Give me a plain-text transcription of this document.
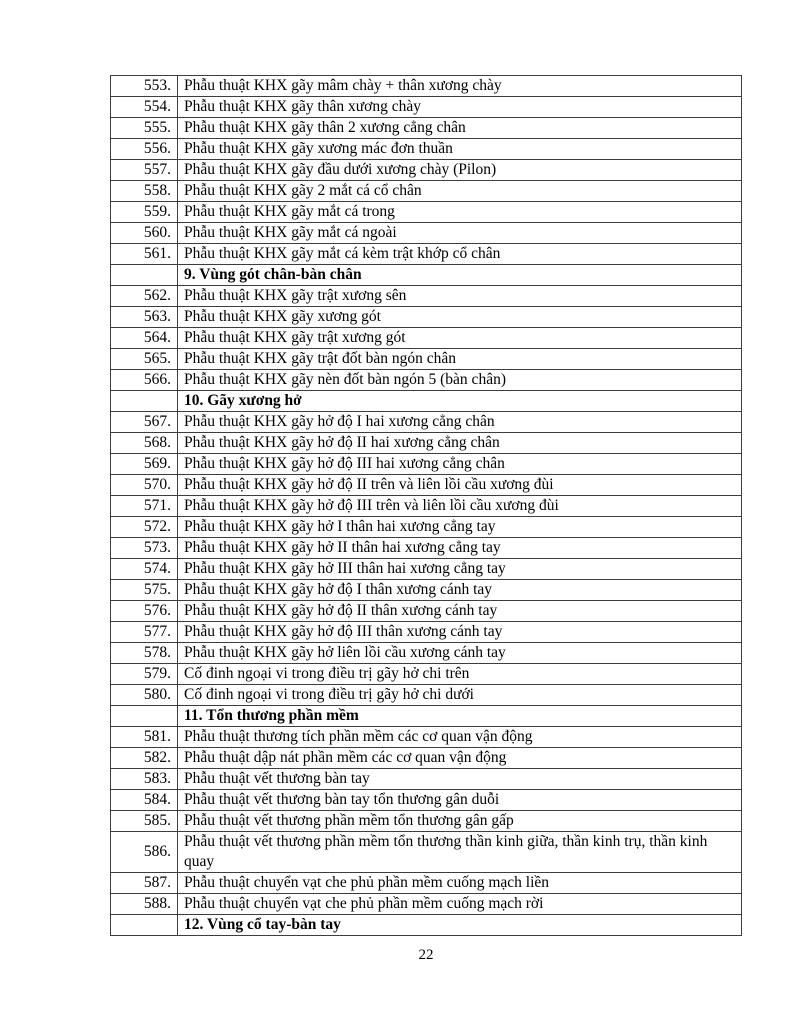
553.	Phẫu thuật KHX gãy mâm chày + thân xương chày
554.	Phẫu thuật KHX gãy thân xương chày
555.	Phẫu thuật KHX gãy thân 2 xương cẳng chân
556.	Phẫu thuật KHX gãy xương mác đơn thuần
557.	Phẫu thuật KHX gãy đầu dưới xương chày (Pilon)
558.	Phẫu thuật KHX gãy 2 mắt cá cổ chân
559.	Phẫu thuật KHX gãy mắt cá trong
560.	Phẫu thuật KHX gãy mắt cá ngoài
561.	Phẫu thuật KHX gãy mắt cá kèm trật khớp cổ chân
	9. Vùng gót chân-bàn chân
562.	Phẫu thuật KHX gãy trật xương sên
563.	Phẫu thuật KHX gãy xương gót
564.	Phẫu thuật KHX gãy trật xương gót
565.	Phẫu thuật KHX gãy trật đốt bàn ngón chân
566.	Phẫu thuật KHX gãy nèn đốt bàn ngón 5 (bàn chân)
	10. Gãy xương hở
567.	Phẫu thuật KHX gãy hở độ I hai xương cẳng chân
568.	Phẫu thuật KHX gãy hở độ II hai xương cẳng chân
569.	Phẫu thuật KHX gãy hở độ III hai xương cẳng chân
570.	Phẫu thuật KHX gãy hở độ II trên và liên lồi cầu xương đùi
571.	Phẫu thuật KHX gãy hở độ III trên và liên lồi cầu xương đùi
572.	Phẫu thuật KHX gãy hở I thân hai xương cẳng tay
573.	Phẫu thuật KHX gãy hở II thân hai xương cẳng tay
574.	Phẫu thuật KHX gãy hở III thân hai xương cẳng tay
575.	Phẫu thuật KHX gãy hở độ I thân xương cánh tay
576.	Phẫu thuật KHX gãy hở độ II thân xương cánh tay
577.	Phẫu thuật KHX gãy hở độ III thân xương cánh tay
578.	Phẫu thuật KHX gãy hở liên lồi cầu xương cánh tay
579.	Cố đinh ngoại vi trong điều trị gãy hở chi trên
580.	Cố đinh ngoại vi trong điều trị gãy hở chi dưới
	11. Tổn thương phần mềm
581.	Phẫu thuật thương tích phần mềm các cơ quan vận động
582.	Phẫu thuật dập nát phần mềm các cơ quan vận động
583.	Phẫu thuật vết thương bàn tay
584.	Phẫu thuật vết thương bàn tay tổn thương gân duỗi
585.	Phẫu thuật vết thương phần mềm tổn thương gân gấp
586.	Phẫu thuật vết thương phần mềm tổn thương thần kinh giữa, thần kinh trụ, thần kinh quay
587.	Phẫu thuật chuyển vạt che phủ phần mềm cuống mạch liền
588.	Phẫu thuật chuyển vạt che phủ phần mềm cuống mạch rời
	12. Vùng cổ tay-bàn tay
22
